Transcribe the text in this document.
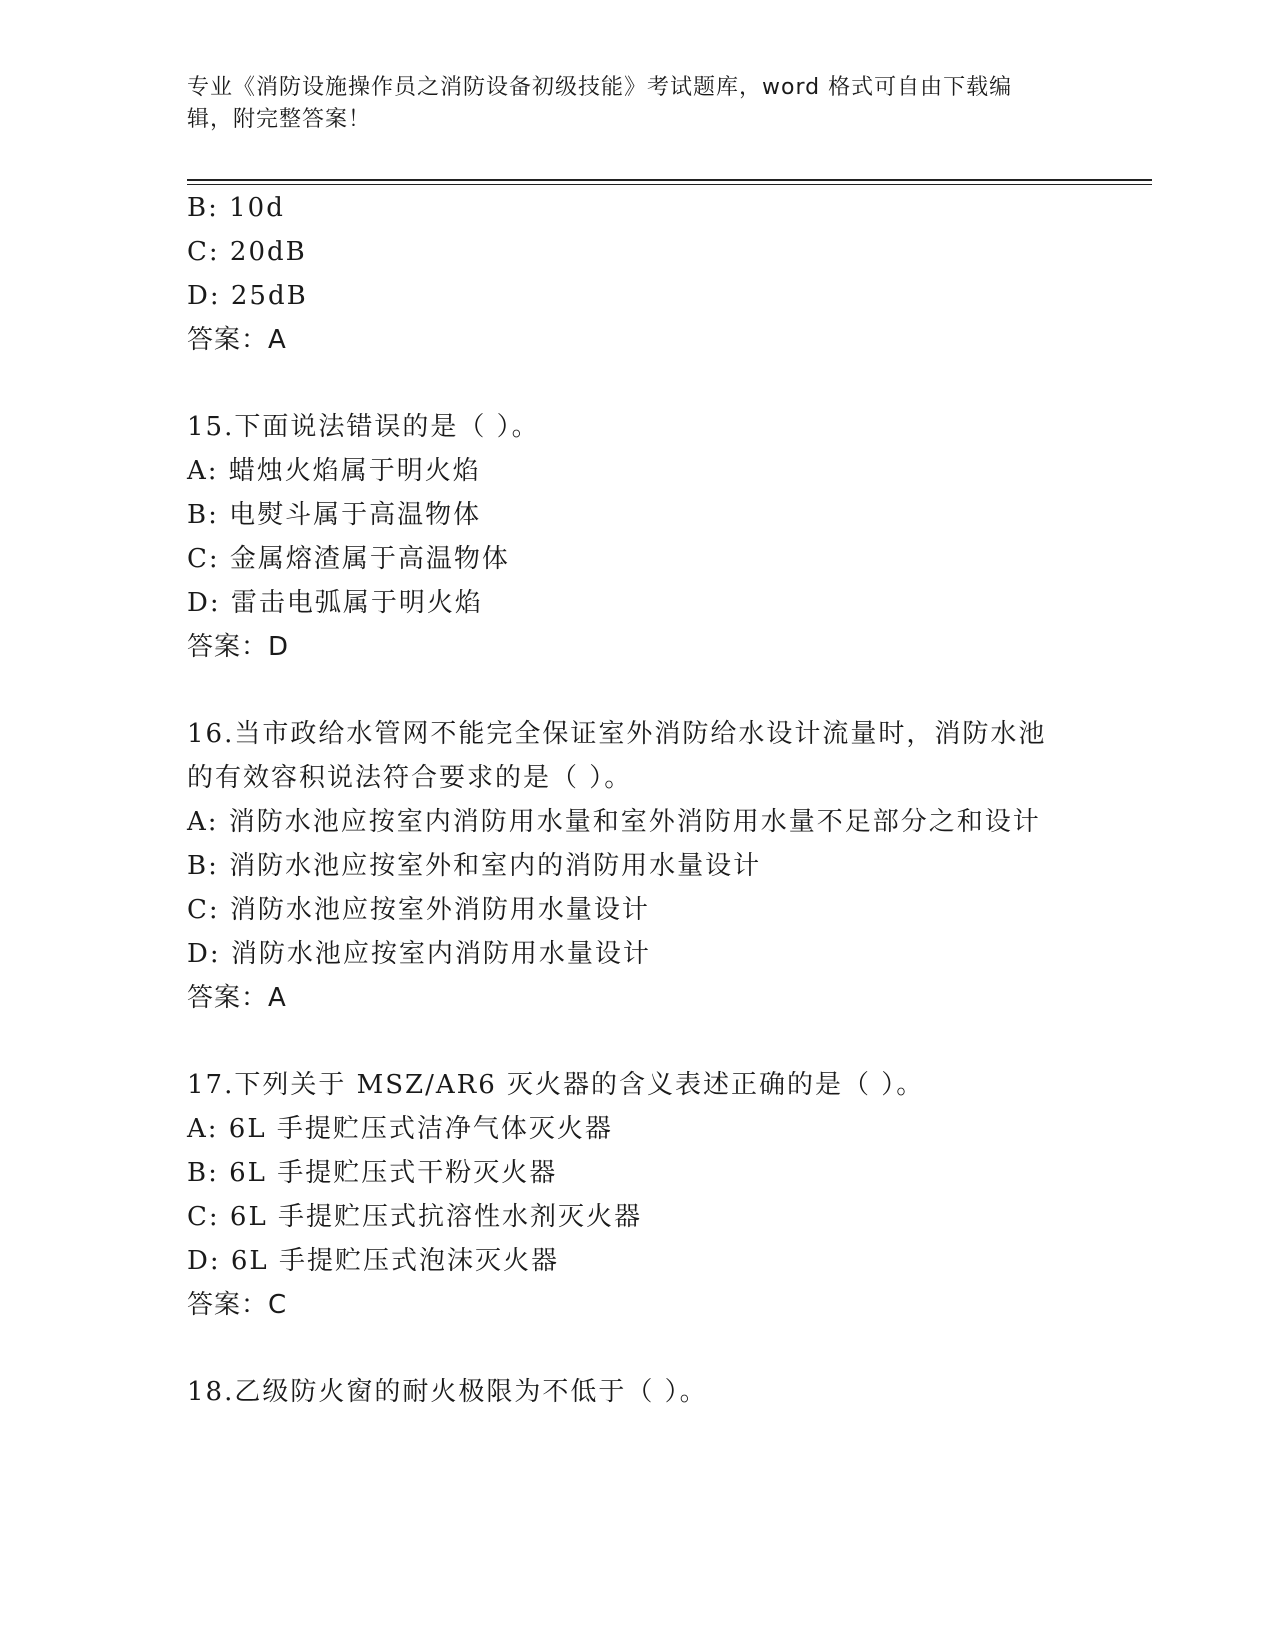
专业《消防设施操作员之消防设备初级技能》考试题库，word 格式可自由下载编
辑，附完整答案！
B: 10d
C: 20dB
D: 25dB
答案：A
15.下面说法错误的是（ ）。
A: 蜡烛火焰属于明火焰
B: 电熨斗属于高温物体
C: 金属熔渣属于高温物体
D: 雷击电弧属于明火焰
答案：D
16.当市政给水管网不能完全保证室外消防给水设计流量时，消防水池
的有效容积说法符合要求的是（ ）。
A: 消防水池应按室内消防用水量和室外消防用水量不足部分之和设计
B: 消防水池应按室外和室内的消防用水量设计
C: 消防水池应按室外消防用水量设计
D: 消防水池应按室内消防用水量设计
答案：A
17.下列关于 MSZ/AR6 灭火器的含义表述正确的是（ ）。
A: 6L 手提贮压式洁净气体灭火器
B: 6L 手提贮压式干粉灭火器
C: 6L 手提贮压式抗溶性水剂灭火器
D: 6L 手提贮压式泡沫灭火器
答案：C
18.乙级防火窗的耐火极限为不低于（ ）。
